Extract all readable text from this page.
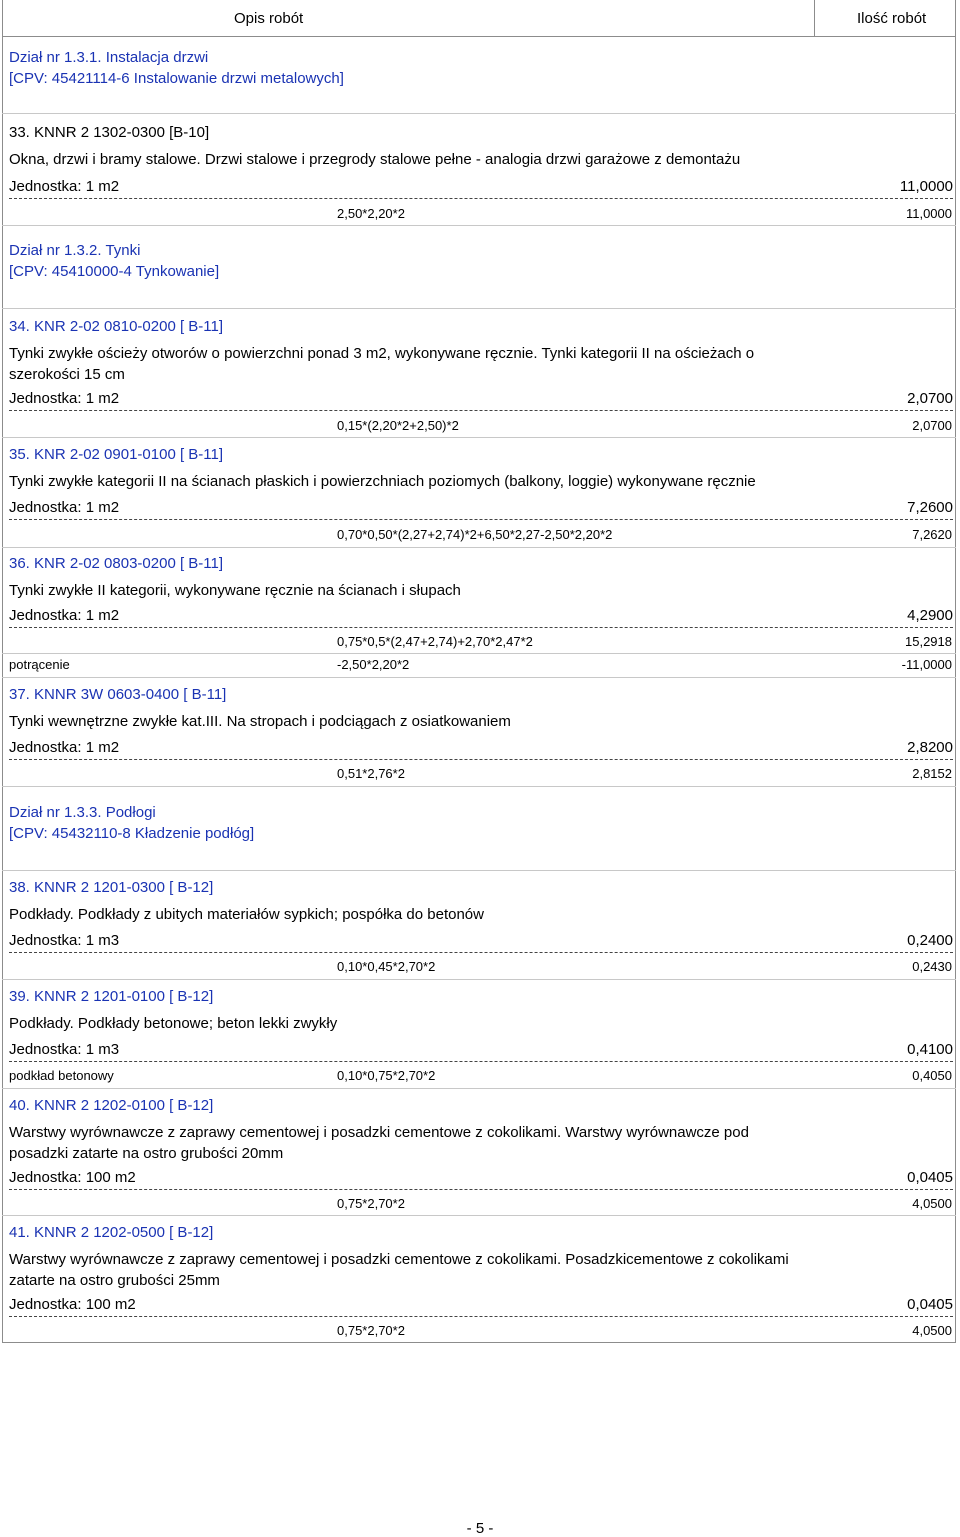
Opis robót	Ilość robót
Dział nr 1.3.1. Instalacja drzwi
[CPV: 45421114-6 Instalowanie drzwi metalowych]
33. KNNR 2 1302-0300 [B-10]
Okna, drzwi i bramy stalowe. Drzwi stalowe i przegrody stalowe pełne - analogia drzwi garażowe z demontażu
Jednostka: 1 m2	11,0000
2,50*2,20*2	11,0000
Dział nr 1.3.2. Tynki
[CPV: 45410000-4 Tynkowanie]
34. KNR 2-02 0810-0200 [ B-11]
Tynki zwykłe ościeży otworów o powierzchni ponad 3 m2, wykonywane ręcznie. Tynki kategorii II na ościeżach o
szerokości 15 cm
Jednostka: 1 m2	2,0700
0,15*(2,20*2+2,50)*2	2,0700
35. KNR 2-02 0901-0100 [ B-11]
Tynki zwykłe kategorii II na ścianach płaskich i powierzchniach poziomych (balkony, loggie) wykonywane ręcznie
Jednostka: 1 m2	7,2600
0,70*0,50*(2,27+2,74)*2+6,50*2,27-2,50*2,20*2	7,2620
36. KNR 2-02 0803-0200 [ B-11]
Tynki zwykłe II kategorii, wykonywane ręcznie na ścianach i słupach
Jednostka: 1 m2	4,2900
0,75*0,5*(2,47+2,74)+2,70*2,47*2	15,2918
potrącenie	-2,50*2,20*2	-11,0000
37. KNNR 3W 0603-0400 [ B-11]
Tynki wewnętrzne zwykłe kat.III. Na stropach i podciągach z osiatkowaniem
Jednostka: 1 m2	2,8200
0,51*2,76*2	2,8152
Dział nr 1.3.3. Podłogi
[CPV: 45432110-8 Kładzenie podłóg]
38. KNNR 2 1201-0300 [ B-12]
Podkłady. Podkłady z ubitych materiałów sypkich; pospółka do betonów
Jednostka: 1 m3	0,2400
0,10*0,45*2,70*2	0,2430
39. KNNR 2 1201-0100 [ B-12]
Podkłady. Podkłady betonowe; beton lekki zwykły
Jednostka: 1 m3	0,4100
podkład betonowy	0,10*0,75*2,70*2	0,4050
40. KNNR 2 1202-0100 [ B-12]
Warstwy wyrównawcze z zaprawy cementowej i posadzki cementowe z cokolikami. Warstwy wyrównawcze pod
posadzki zatarte na ostro grubości 20mm
Jednostka: 100 m2	0,0405
0,75*2,70*2	4,0500
41. KNNR 2 1202-0500 [ B-12]
Warstwy wyrównawcze z zaprawy cementowej i posadzki cementowe z cokolikami. Posadzkicementowe z cokolikami
zatarte na ostro grubości 25mm
Jednostka: 100 m2	0,0405
0,75*2,70*2	4,0500
- 5 -
